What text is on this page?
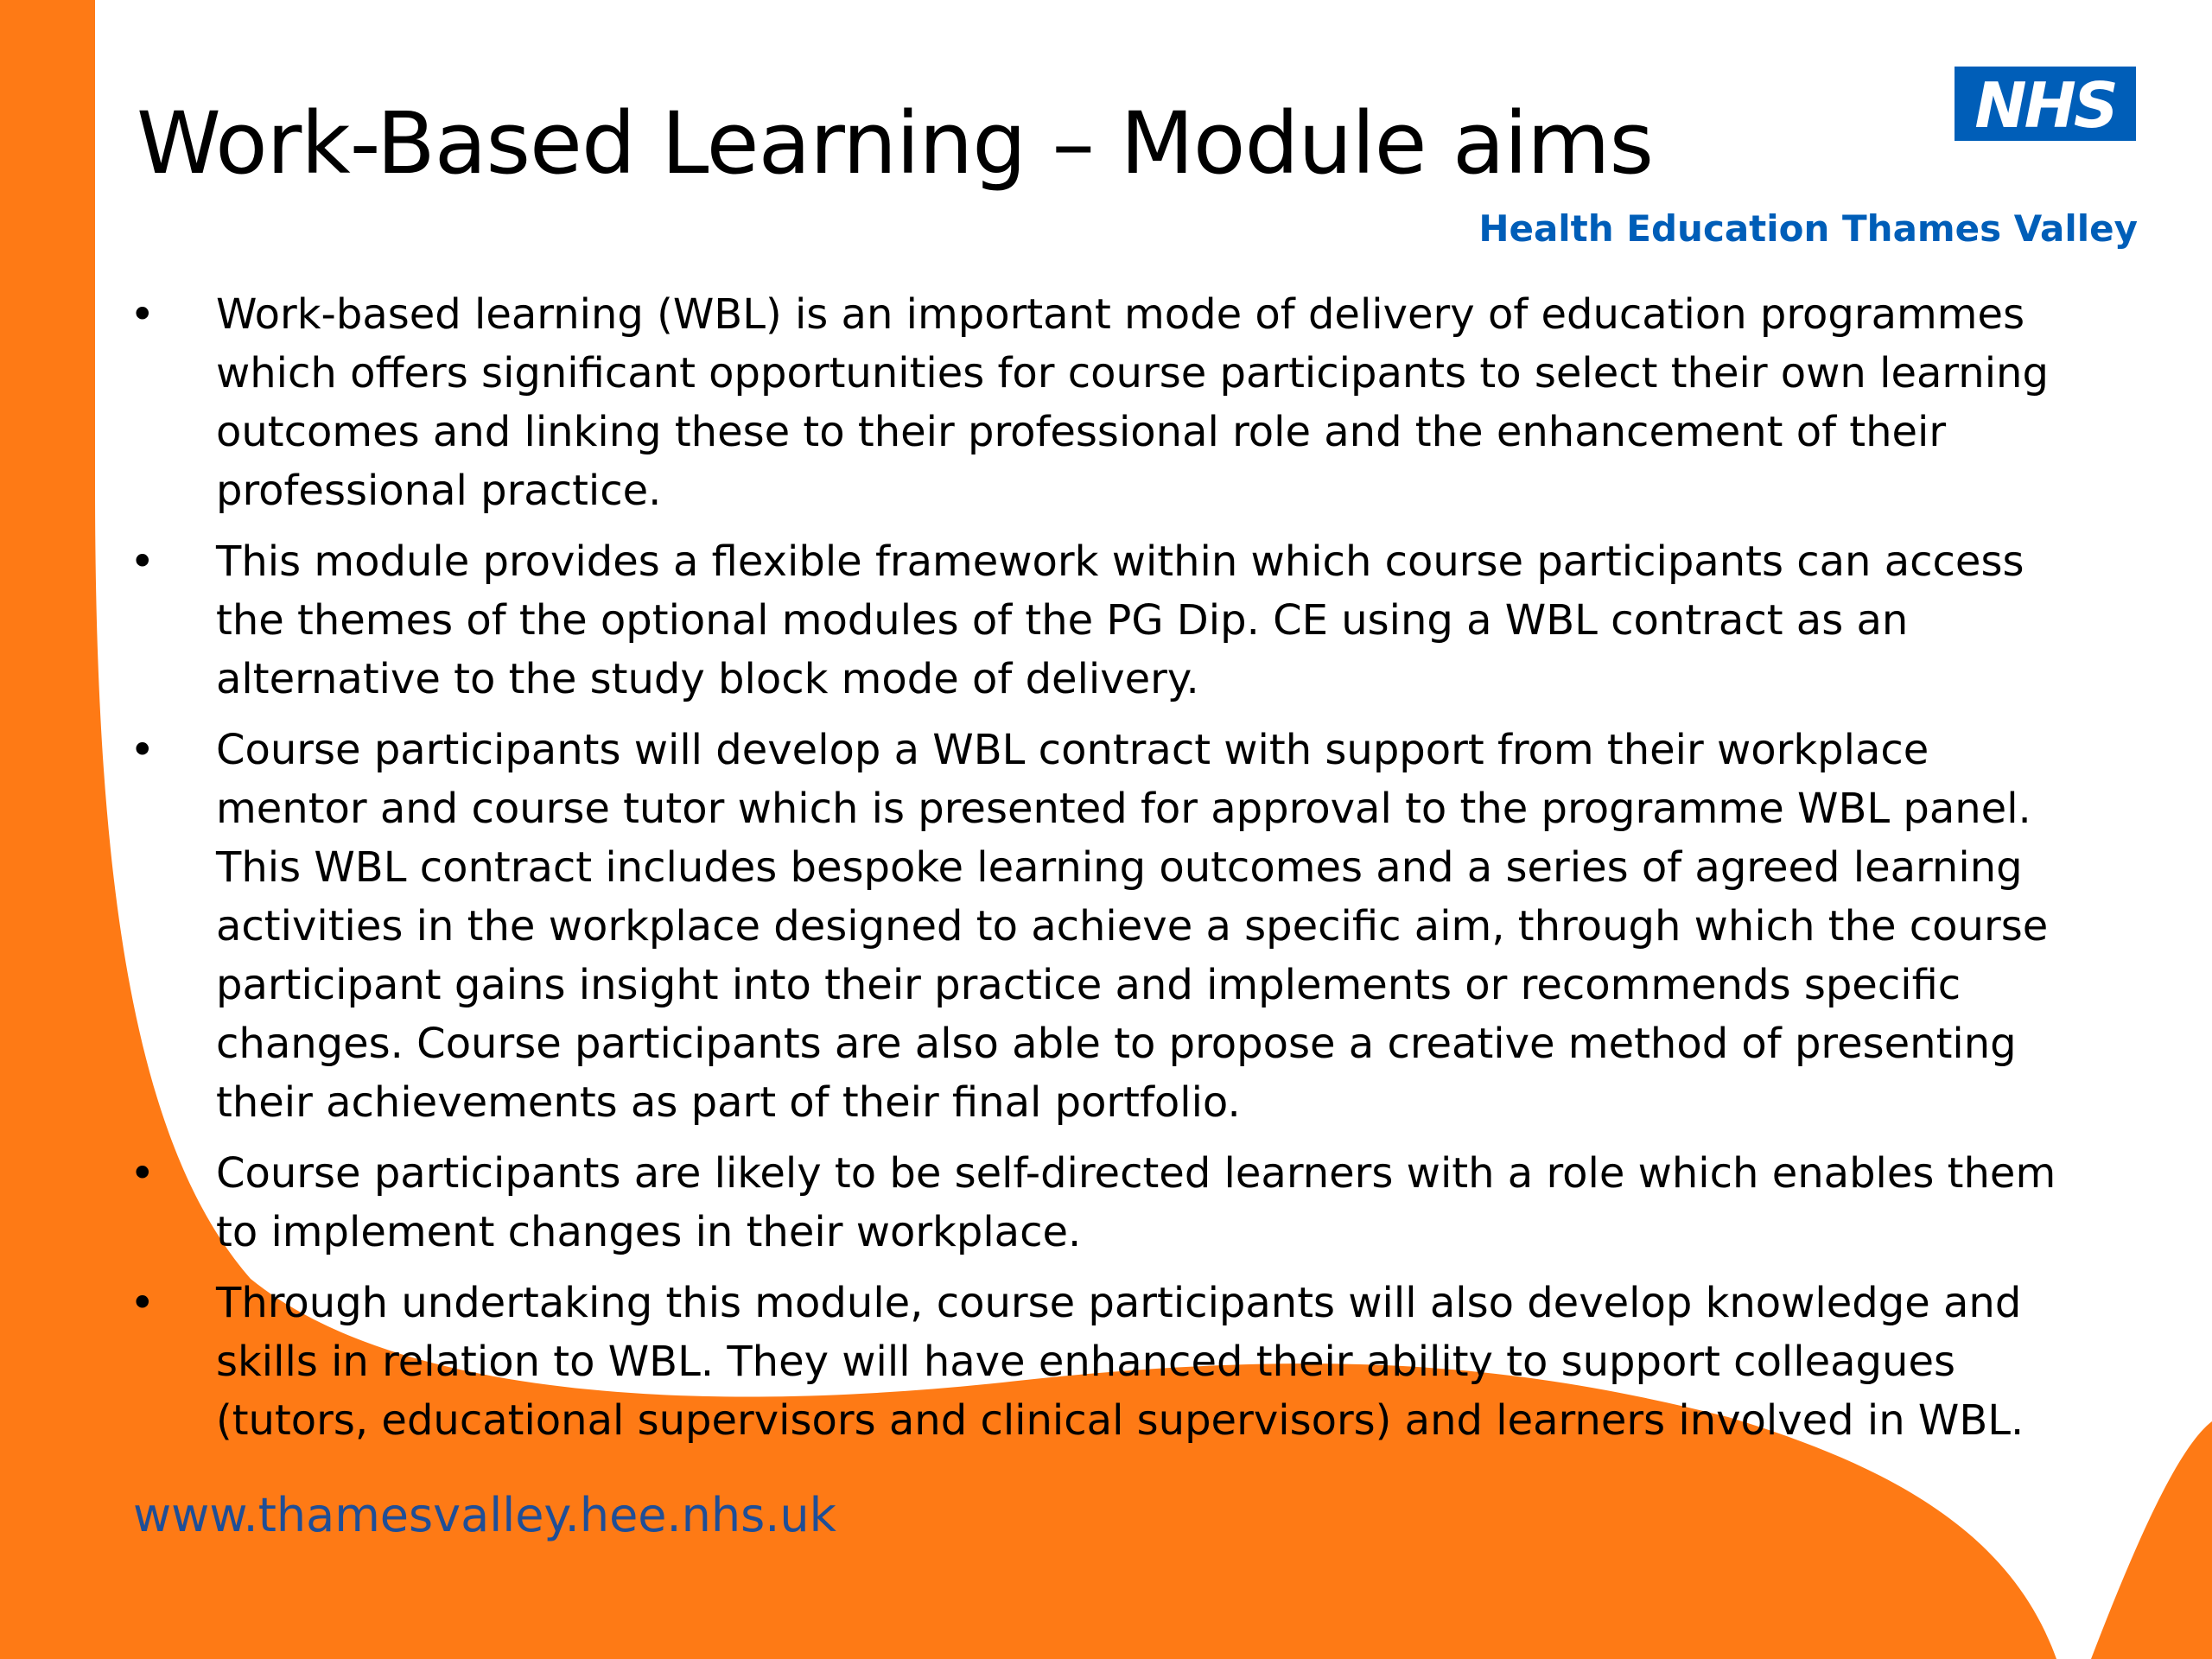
Work-Based Learning – Module aims	NHS
Health Education Thames Valley
• Work-based learning (WBL) is an important mode of delivery of education programmes which offers significant opportunities for course participants to select their own learning outcomes and linking these to their professional role and the enhancement of their professional practice.
• This module provides a flexible framework within which course participants can access the themes of the optional modules of the PG Dip. CE using a WBL contract as an alternative to the study block mode of delivery.
• Course participants will develop a WBL contract with support from their workplace mentor and course tutor which is presented for approval to the programme WBL panel. This WBL contract includes bespoke learning outcomes and a series of agreed learning activities in the workplace designed to achieve a specific aim, through which the course participant gains insight into their practice and implements or recommends specific changes. Course participants are also able to propose a creative method of presenting their achievements as part of their final portfolio.
• Course participants are likely to be self-directed learners with a role which enables them to implement changes in their workplace.
• Through undertaking this module, course participants will also develop knowledge and skills in relation to WBL. They will have enhanced their ability to support colleagues (tutors, educational supervisors and clinical supervisors) and learners involved in WBL.
www.thamesvalley.hee.nhs.uk
